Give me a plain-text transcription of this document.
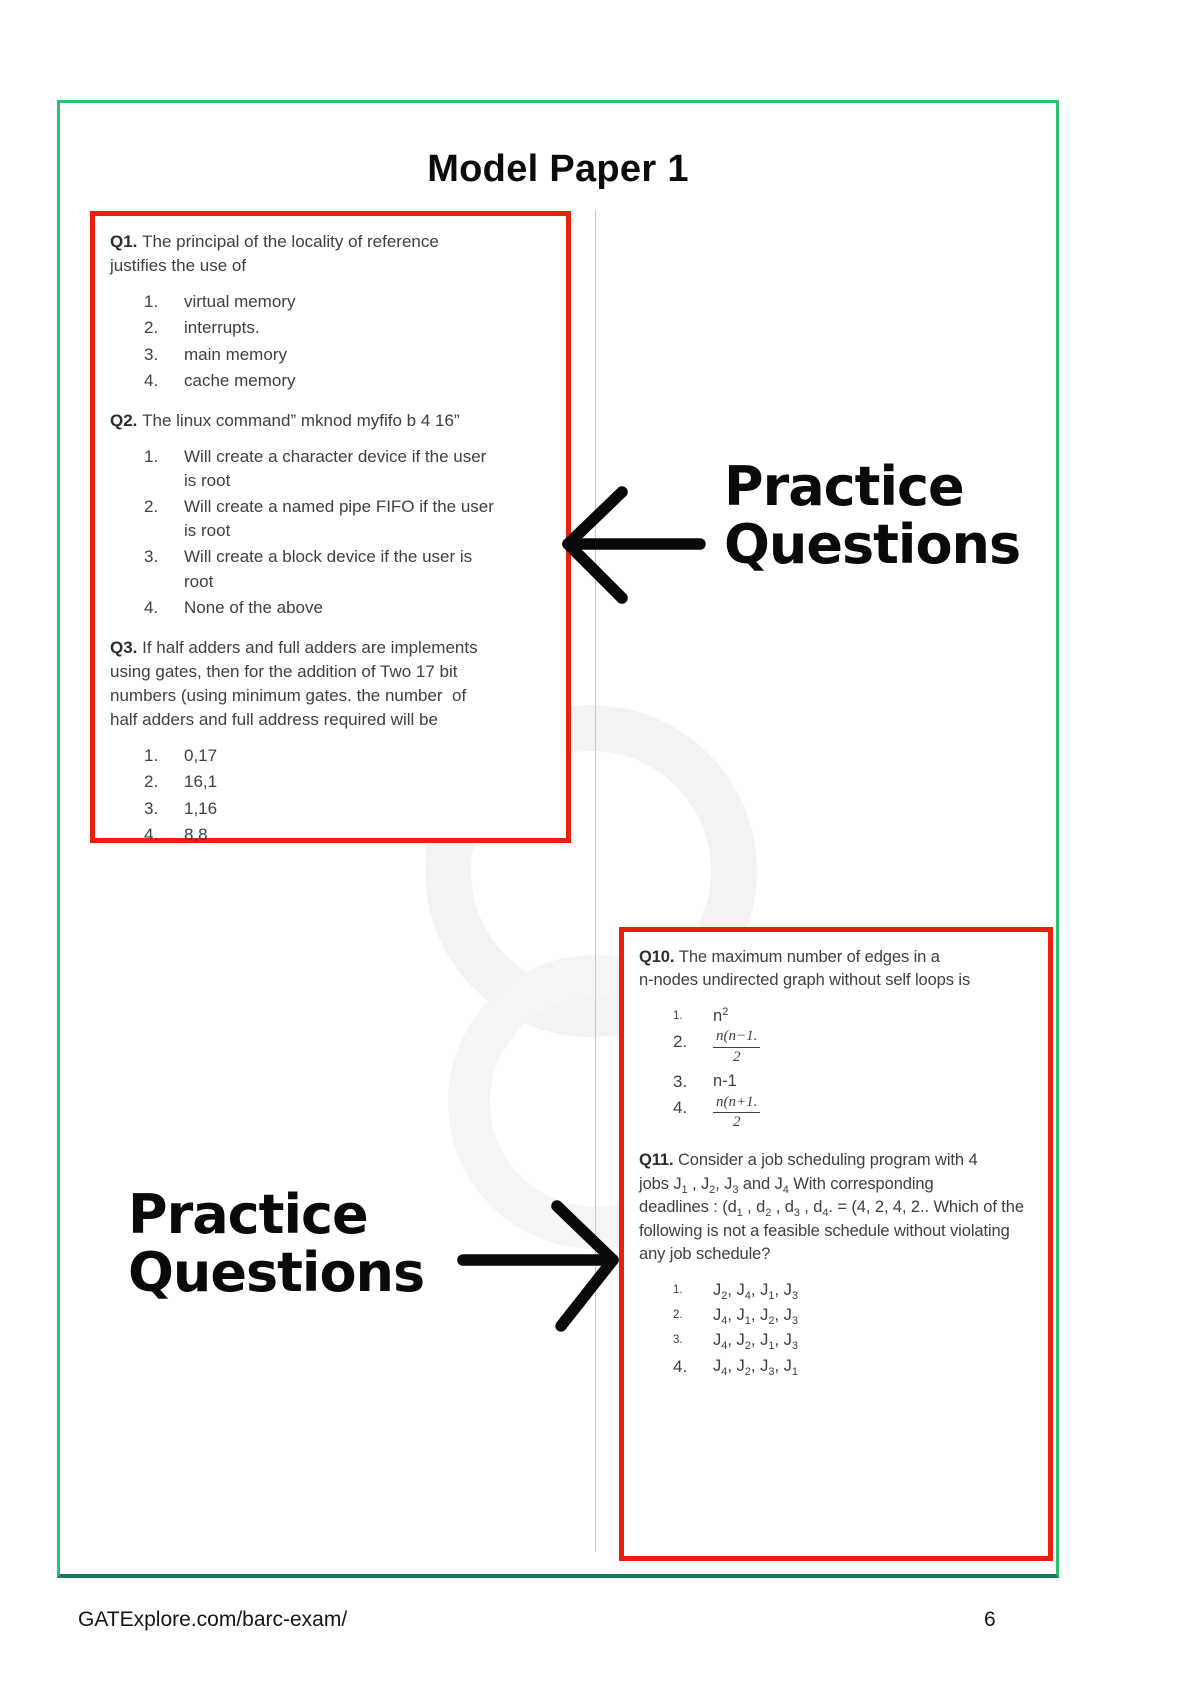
Model Paper 1
Q1. The principal of the locality of reference
justifies the use of
1.	virtual memory
2.	interrupts.
3.	main memory
4.	cache memory
Q2. The linux command” mknod myfifo b 4 16”
1.	Will create a character device if the user
is root
2.	Will create a named pipe FIFO if the user
is root
3.	Will create a block device if the user is
root
4.	None of the above
Q3. If half adders and full adders are implements
using gates, then for the addition of Two 17 bit
numbers (using minimum gates. the number  of
half adders and full address required will be
1.	0,17
2.	16,1
3.	1,16
4.	8,8
Q10. The maximum number of edges in a
n-nodes undirected graph without self loops is
1.	$n^2$
2.	$\frac{n(n-1.}{2}$
3.	n-1
4.	$\frac{n(n+1.}{2}$
Q11. Consider a job scheduling program with 4
jobs $J_1$ , $J_2$, $J_3$ and $J_4$ With corresponding
deadlines : ($d_1$ , $d_2$ , $d_3$ , $d_4$. = (4, 2, 4, 2.. Which of the following is not a feasible schedule without violating any job schedule?
1.	$J_2$, $J_4$, $J_1$, $J_3$
2.	$J_4$, $J_1$, $J_2$, $J_3$
3.	$J_4$, $J_2$, $J_1$, $J_3$
4.	$J_4$, $J_2$, $J_3$, $J_1$
Practice
Questions
Practice
Questions
GATExplore.com/barc-exam/	6
